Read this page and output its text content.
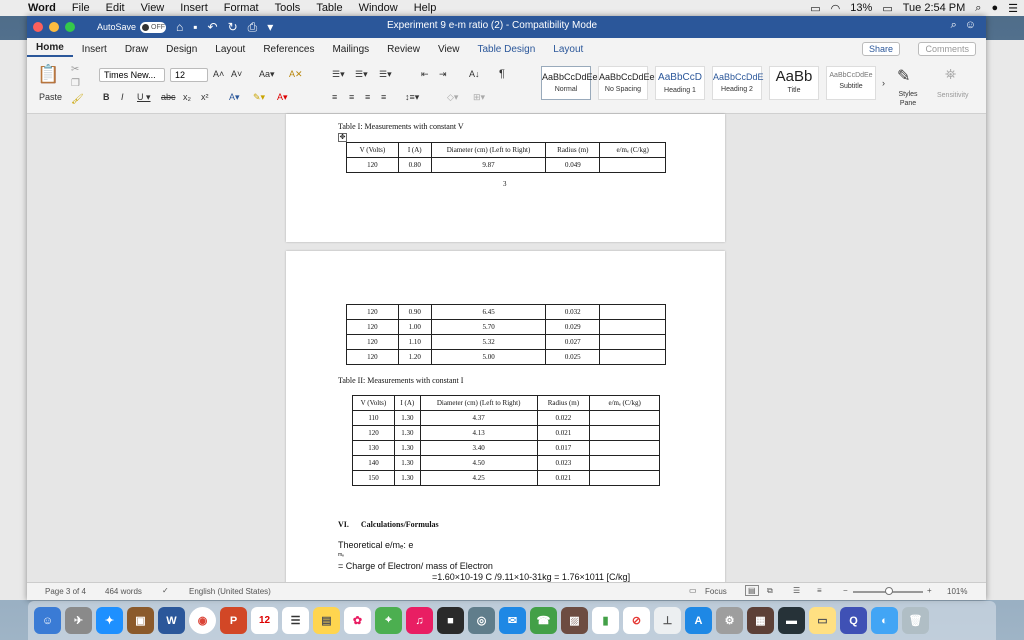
Word	File	Edit	View	Insert	Format	Tools	Table	Window	Help	▭ ◠ 13% ▭ Tue 2:54 PM ⌕ ● ☰
AutoSave	OFF ⌂ ▪ ↶ ↻ ⎙ ▾	Experiment 9 e-m ratio (2) - Compatibility Mode	⌕ ☺
Home	Insert	Draw	Design	Layout	References	Mailings	Review	View	Table Design	Layout	Share	Comments
📋
Paste
✂
❐
🖌
Times New...	12	A˄ A˅ Aa▾ A✕
B I U ▾ abc x₂ x² A▾ ✎▾ A▾
☰▾ ☰▾ ☰▾	⇤ ⇥ A↓ ¶
≡ ≡ ≡ ≡ ↕≡▾	◇▾ ⊞▾
AaBbCcDdEe
Normal
AaBbCcDdEe
No Spacing
AaBbCcD
Heading 1
AaBbCcDdE
Heading 2
AaBb
Title
AaBbCcDdEe
Subtitle	› ✎
Styles Pane
⛯
Sensitivity
Table I: Measurements with constant V
✥
V (Volts)	I (A)	Diameter (cm) (Left to Right)	Radius (m)	e/mₑ (C/kg)
120	0.80	9.87	0.049	
3
120	0.90	6.45	0.032	
120	1.00	5.70	0.029	
120	1.10	5.32	0.027	
120	1.20	5.00	0.025	
Table II: Measurements with constant I
V (Volts)	I (A)	Diameter (cm) (Left to Right)	Radius (m)	e/mₑ (C/kg)
110	1.30	4.37	0.022	
120	1.30	4.13	0.021	
130	1.30	3.40	0.017	
140	1.30	4.50	0.023	
150	1.30	4.25	0.021	
VI. Calculations/Formulas
Theoretical e/mₑ: e
mₑ
= Charge of Electron/ mass of Electron
=1.60×10-19 C /9.11×10-31kg = 1.76×1011 [C/kg]
Page 3 of 4 464 words	✓	English (United States)	▭ Focus	▤	⧉	☰ ≡	−	+ 101%
☺	✈	✦	▣	W	◉	P	12	☰	▤	✿	⌖	♫	■	◎	✉	☎	▨	▮	⊘	⊥	A	⚙	▦	▬	▭	Q	◐	🗑
